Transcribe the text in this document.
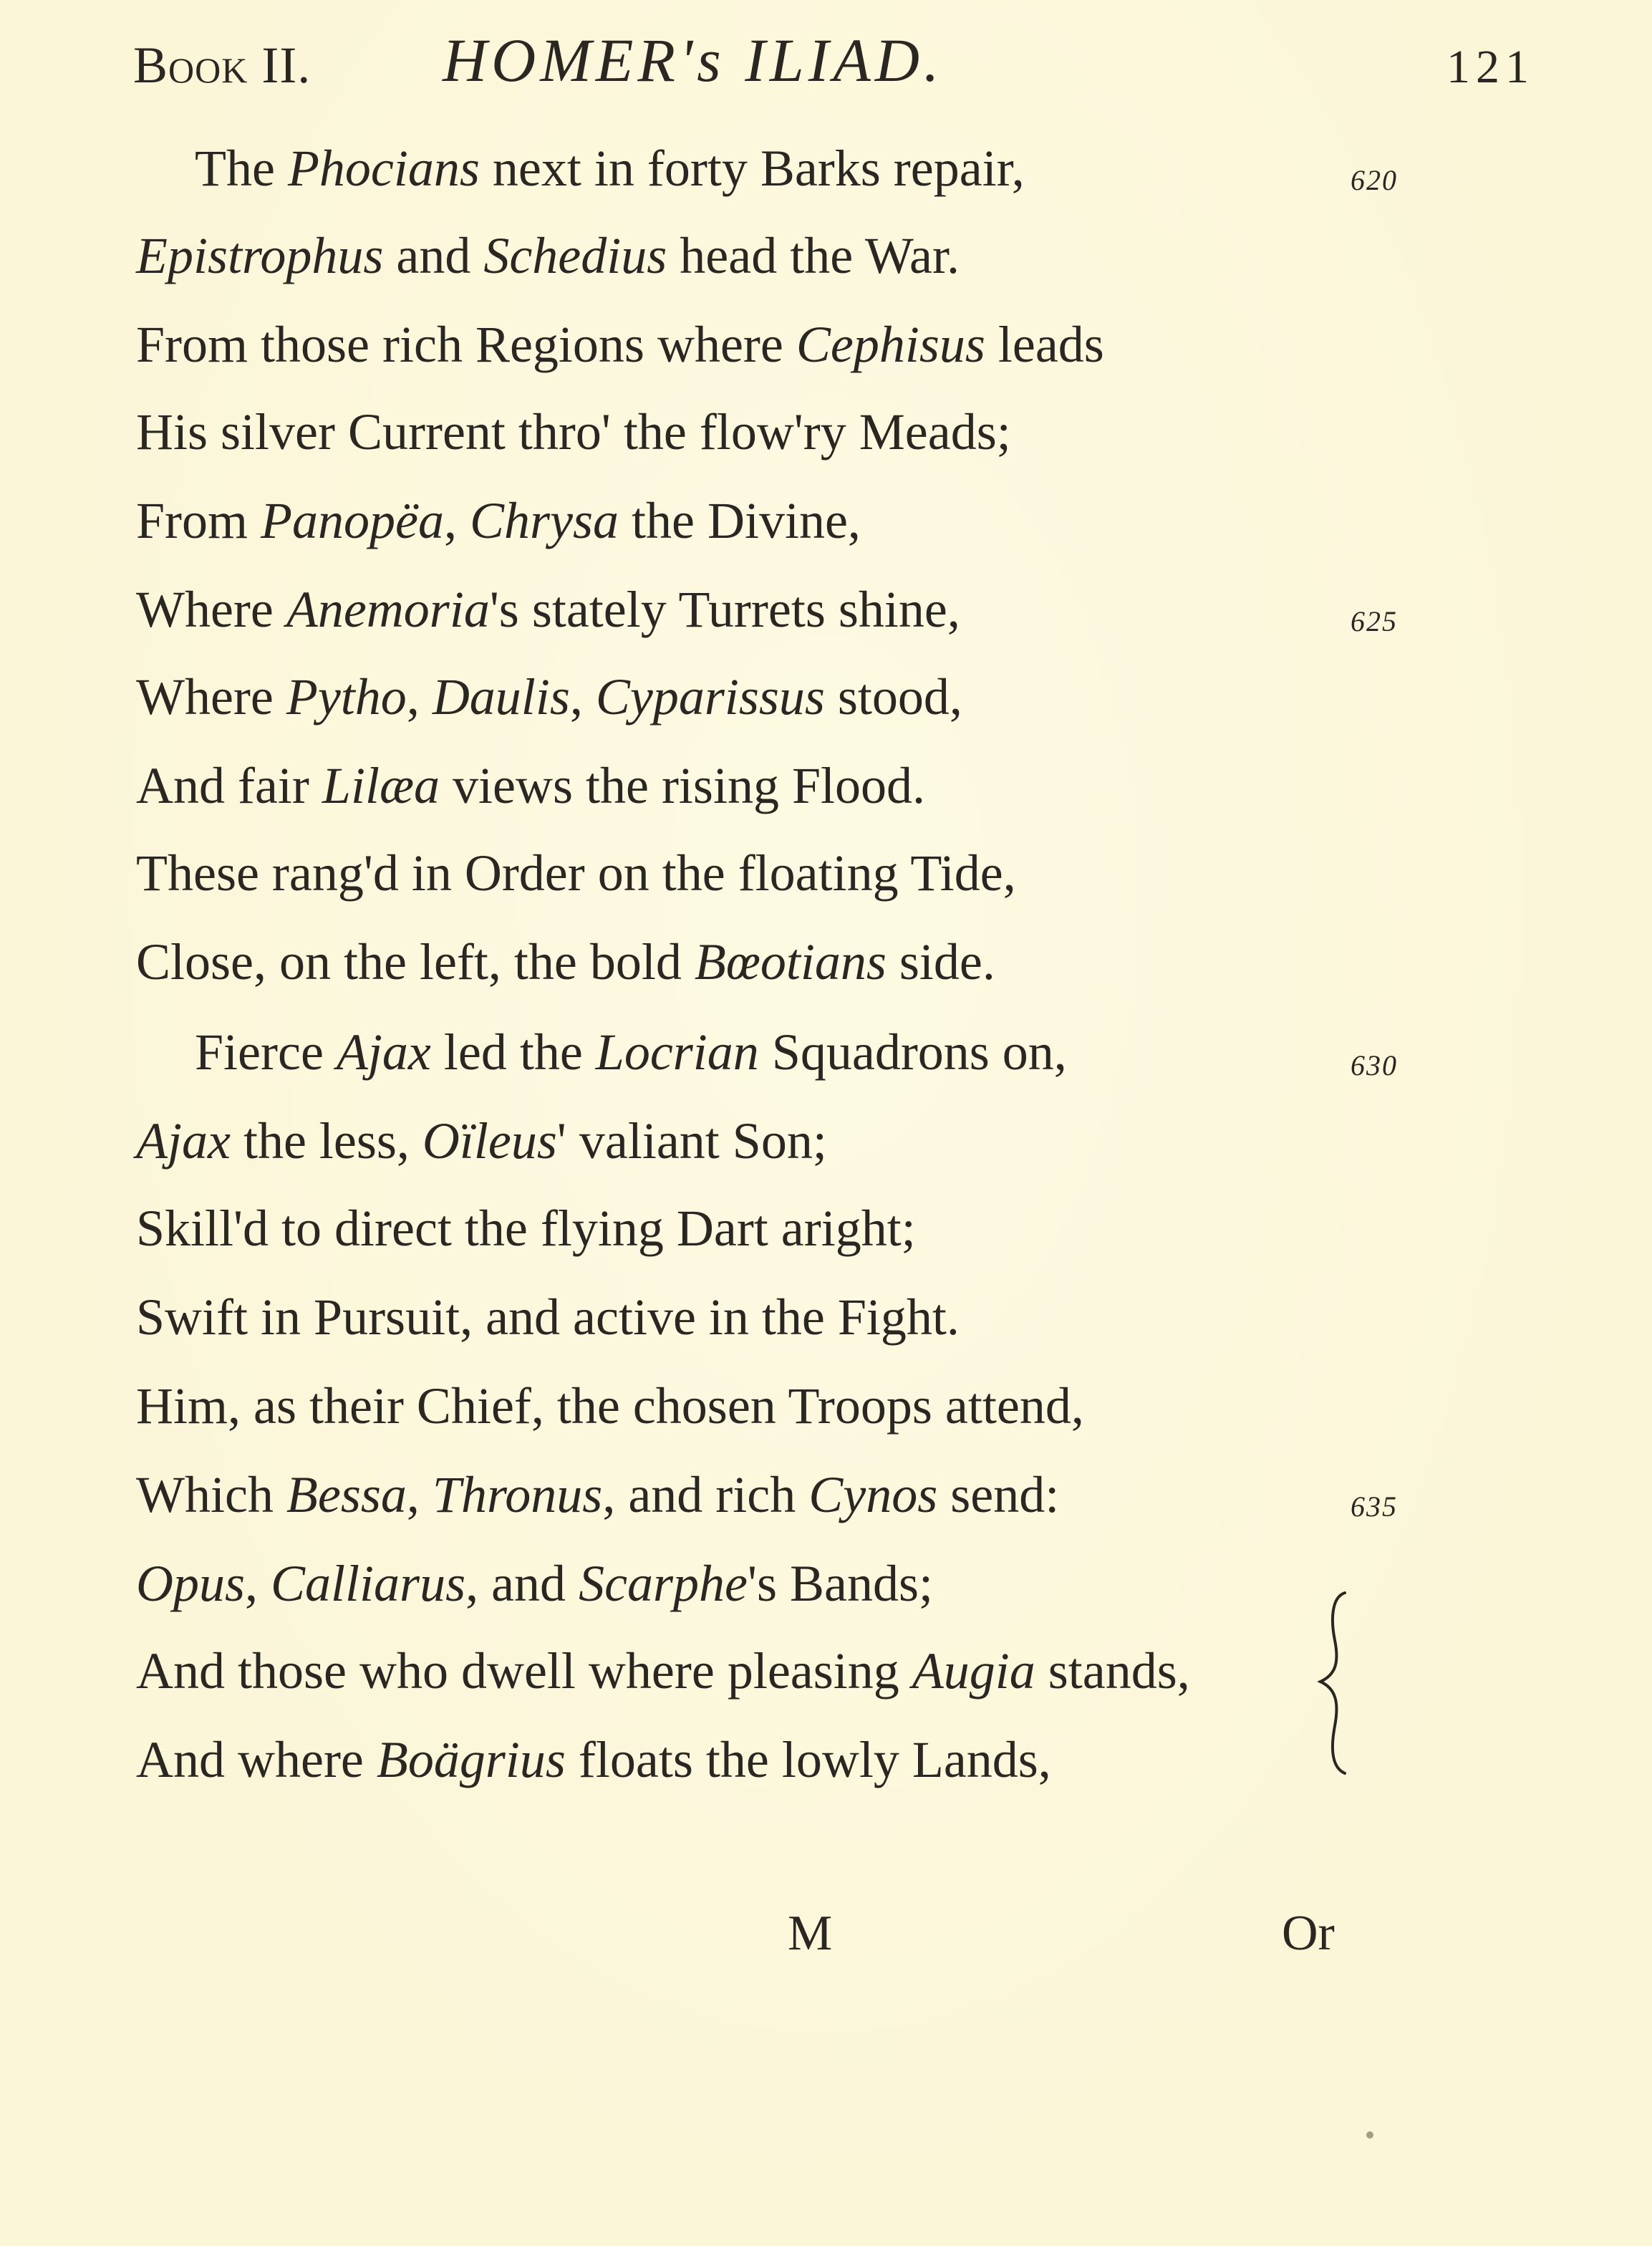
Book II. HOMER's ILIAD.	121
The Phocians next in forty Barks repair,
Epistrophus and Schedius head the War.
From those rich Regions where Cephisus leads
His silver Current thro' the flow'ry Meads;
From Panopëa, Chrysa the Divine,
Where Anemoria's stately Turrets shine,
Where Pytho, Daulis, Cyparissus stood,
And fair Lilæa views the rising Flood.
These rang'd in Order on the floating Tide,
Close, on the left, the bold Bœotians side.
Fierce Ajax led the Locrian Squadrons on,
Ajax the less, Oïleus' valiant Son;
Skill'd to direct the flying Dart aright;
Swift in Pursuit, and active in the Fight.
Him, as their Chief, the chosen Troops attend,
Which Bessa, Thronus, and rich Cynos send:
Opus, Calliarus, and Scarphe's Bands;
And those who dwell where pleasing Augia stands,
And where Boägrius floats the lowly Lands,
620
625
630
635
M	Or
